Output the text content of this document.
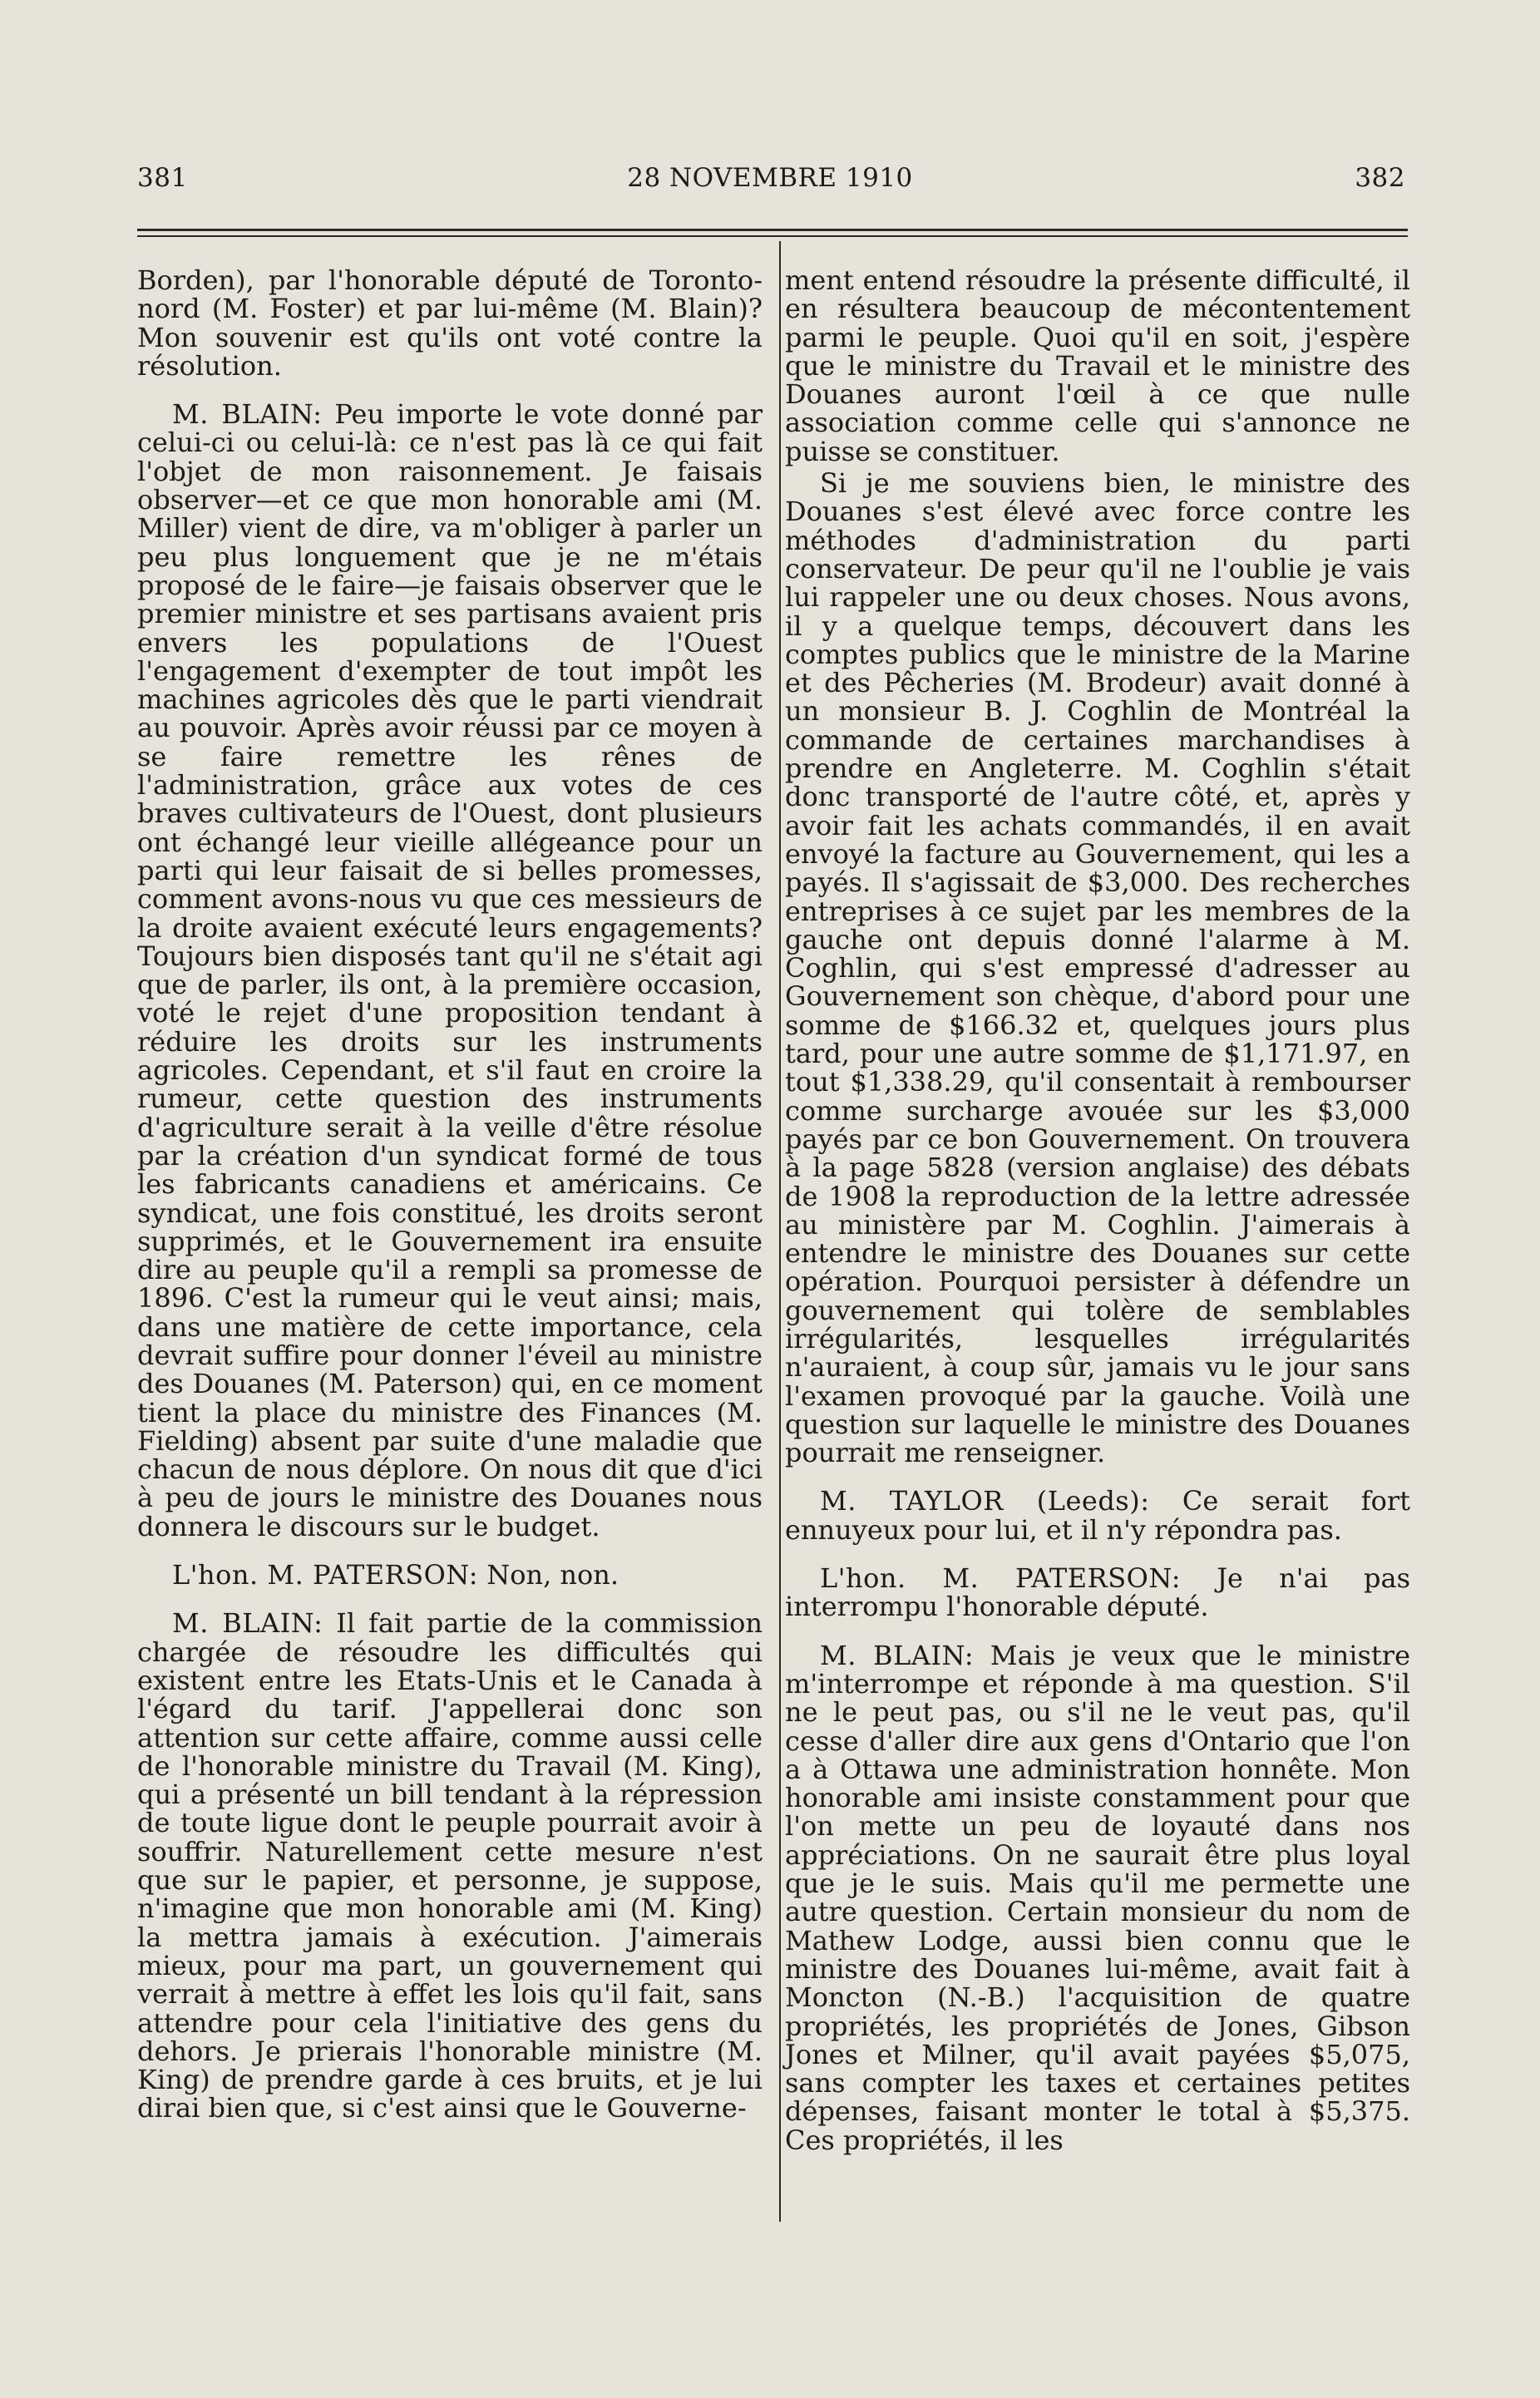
28 NOVEMBRE 1910
381	382

Borden), par l'honorable député de Toronto-nord (M. Foster) et par lui-même (M. Blain)? Mon souvenir est qu'ils ont voté contre la résolution.

M. BLAIN: Peu importe le vote donné par celui-ci ou celui-là: ce n'est pas là ce qui fait l'objet de mon raisonnement. Je faisais observer—et ce que mon honorable ami (M. Miller) vient de dire, va m'obliger à parler un peu plus longuement que je ne m'étais proposé de le faire—je faisais observer que le premier ministre et ses partisans avaient pris envers les populations de l'Ouest l'engagement d'exempter de tout impôt les machines agricoles dès que le parti viendrait au pouvoir. Après avoir réussi par ce moyen à se faire remettre les rênes de l'administration, grâce aux votes de ces braves cultivateurs de l'Ouest, dont plusieurs ont échangé leur vieille allégeance pour un parti qui leur faisait de si belles promesses, comment avons-nous vu que ces messieurs de la droite avaient exécuté leurs engagements? Toujours bien disposés tant qu'il ne s'était agi que de parler, ils ont, à la première occasion, voté le rejet d'une proposition tendant à réduire les droits sur les instruments agricoles. Cependant, et s'il faut en croire la rumeur, cette question des instruments d'agriculture serait à la veille d'être résolue par la création d'un syndicat formé de tous les fabricants canadiens et américains. Ce syndicat, une fois constitué, les droits seront supprimés, et le Gouvernement ira ensuite dire au peuple qu'il a rempli sa promesse de 1896. C'est la rumeur qui le veut ainsi; mais, dans une matière de cette importance, cela devrait suffire pour donner l'éveil au ministre des Douanes (M. Paterson) qui, en ce moment tient la place du ministre des Finances (M. Fielding) absent par suite d'une maladie que chacun de nous déplore. On nous dit que d'ici à peu de jours le ministre des Douanes nous donnera le discours sur le budget.

L'hon. M. PATERSON: Non, non.

M. BLAIN: Il fait partie de la commission chargée de résoudre les difficultés qui existent entre les Etats-Unis et le Canada à l'égard du tarif. J'appellerai donc son attention sur cette affaire, comme aussi celle de l'honorable ministre du Travail (M. King), qui a présenté un bill tendant à la répression de toute ligue dont le peuple pourrait avoir à souffrir. Naturellement cette mesure n'est que sur le papier, et personne, je suppose, n'imagine que mon honorable ami (M. King) la mettra jamais à exécution. J'aimerais mieux, pour ma part, un gouvernement qui verrait à mettre à effet les lois qu'il fait, sans attendre pour cela l'initiative des gens du dehors. Je prierais l'honorable ministre (M. King) de prendre garde à ces bruits, et je lui dirai bien que, si c'est ainsi que le Gouverne-

ment entend résoudre la présente difficulté, il en résultera beaucoup de mécontentement parmi le peuple. Quoi qu'il en soit, j'espère que le ministre du Travail et le ministre des Douanes auront l'œil à ce que nulle association comme celle qui s'annonce ne puisse se constituer.

Si je me souviens bien, le ministre des Douanes s'est élevé avec force contre les méthodes d'administration du parti conservateur. De peur qu'il ne l'oublie je vais lui rappeler une ou deux choses. Nous avons, il y a quelque temps, découvert dans les comptes publics que le ministre de la Marine et des Pêcheries (M. Brodeur) avait donné à un monsieur B. J. Coghlin de Montréal la commande de certaines marchandises à prendre en Angleterre. M. Coghlin s'était donc transporté de l'autre côté, et, après y avoir fait les achats commandés, il en avait envoyé la facture au Gouvernement, qui les a payés. Il s'agissait de $3,000. Des recherches entreprises à ce sujet par les membres de la gauche ont depuis donné l'alarme à M. Coghlin, qui s'est empressé d'adresser au Gouvernement son chèque, d'abord pour une somme de $166.32 et, quelques jours plus tard, pour une autre somme de $1,171.97, en tout $1,338.29, qu'il consentait à rembourser comme surcharge avouée sur les $3,000 payés par ce bon Gouvernement. On trouvera à la page 5828 (version anglaise) des débats de 1908 la reproduction de la lettre adressée au ministère par M. Coghlin. J'aimerais à entendre le ministre des Douanes sur cette opération. Pourquoi persister à défendre un gouvernement qui tolère de semblables irrégularités, lesquelles irrégularités n'auraient, à coup sûr, jamais vu le jour sans l'examen provoqué par la gauche. Voilà une question sur laquelle le ministre des Douanes pourrait me renseigner.

M. TAYLOR (Leeds): Ce serait fort ennuyeux pour lui, et il n'y répondra pas.

L'hon. M. PATERSON: Je n'ai pas interrompu l'honorable député.

M. BLAIN: Mais je veux que le ministre m'interrompe et réponde à ma question. S'il ne le peut pas, ou s'il ne le veut pas, qu'il cesse d'aller dire aux gens d'Ontario que l'on a à Ottawa une administration honnête. Mon honorable ami insiste constamment pour que l'on mette un peu de loyauté dans nos appréciations. On ne saurait être plus loyal que je le suis. Mais qu'il me permette une autre question. Certain monsieur du nom de Mathew Lodge, aussi bien connu que le ministre des Douanes lui-même, avait fait à Moncton (N.-B.) l'acquisition de quatre propriétés, les propriétés de Jones, Gibson Jones et Milner, qu'il avait payées $5,075, sans compter les taxes et certaines petites dépenses, faisant monter le total à $5,375. Ces propriétés, il les
